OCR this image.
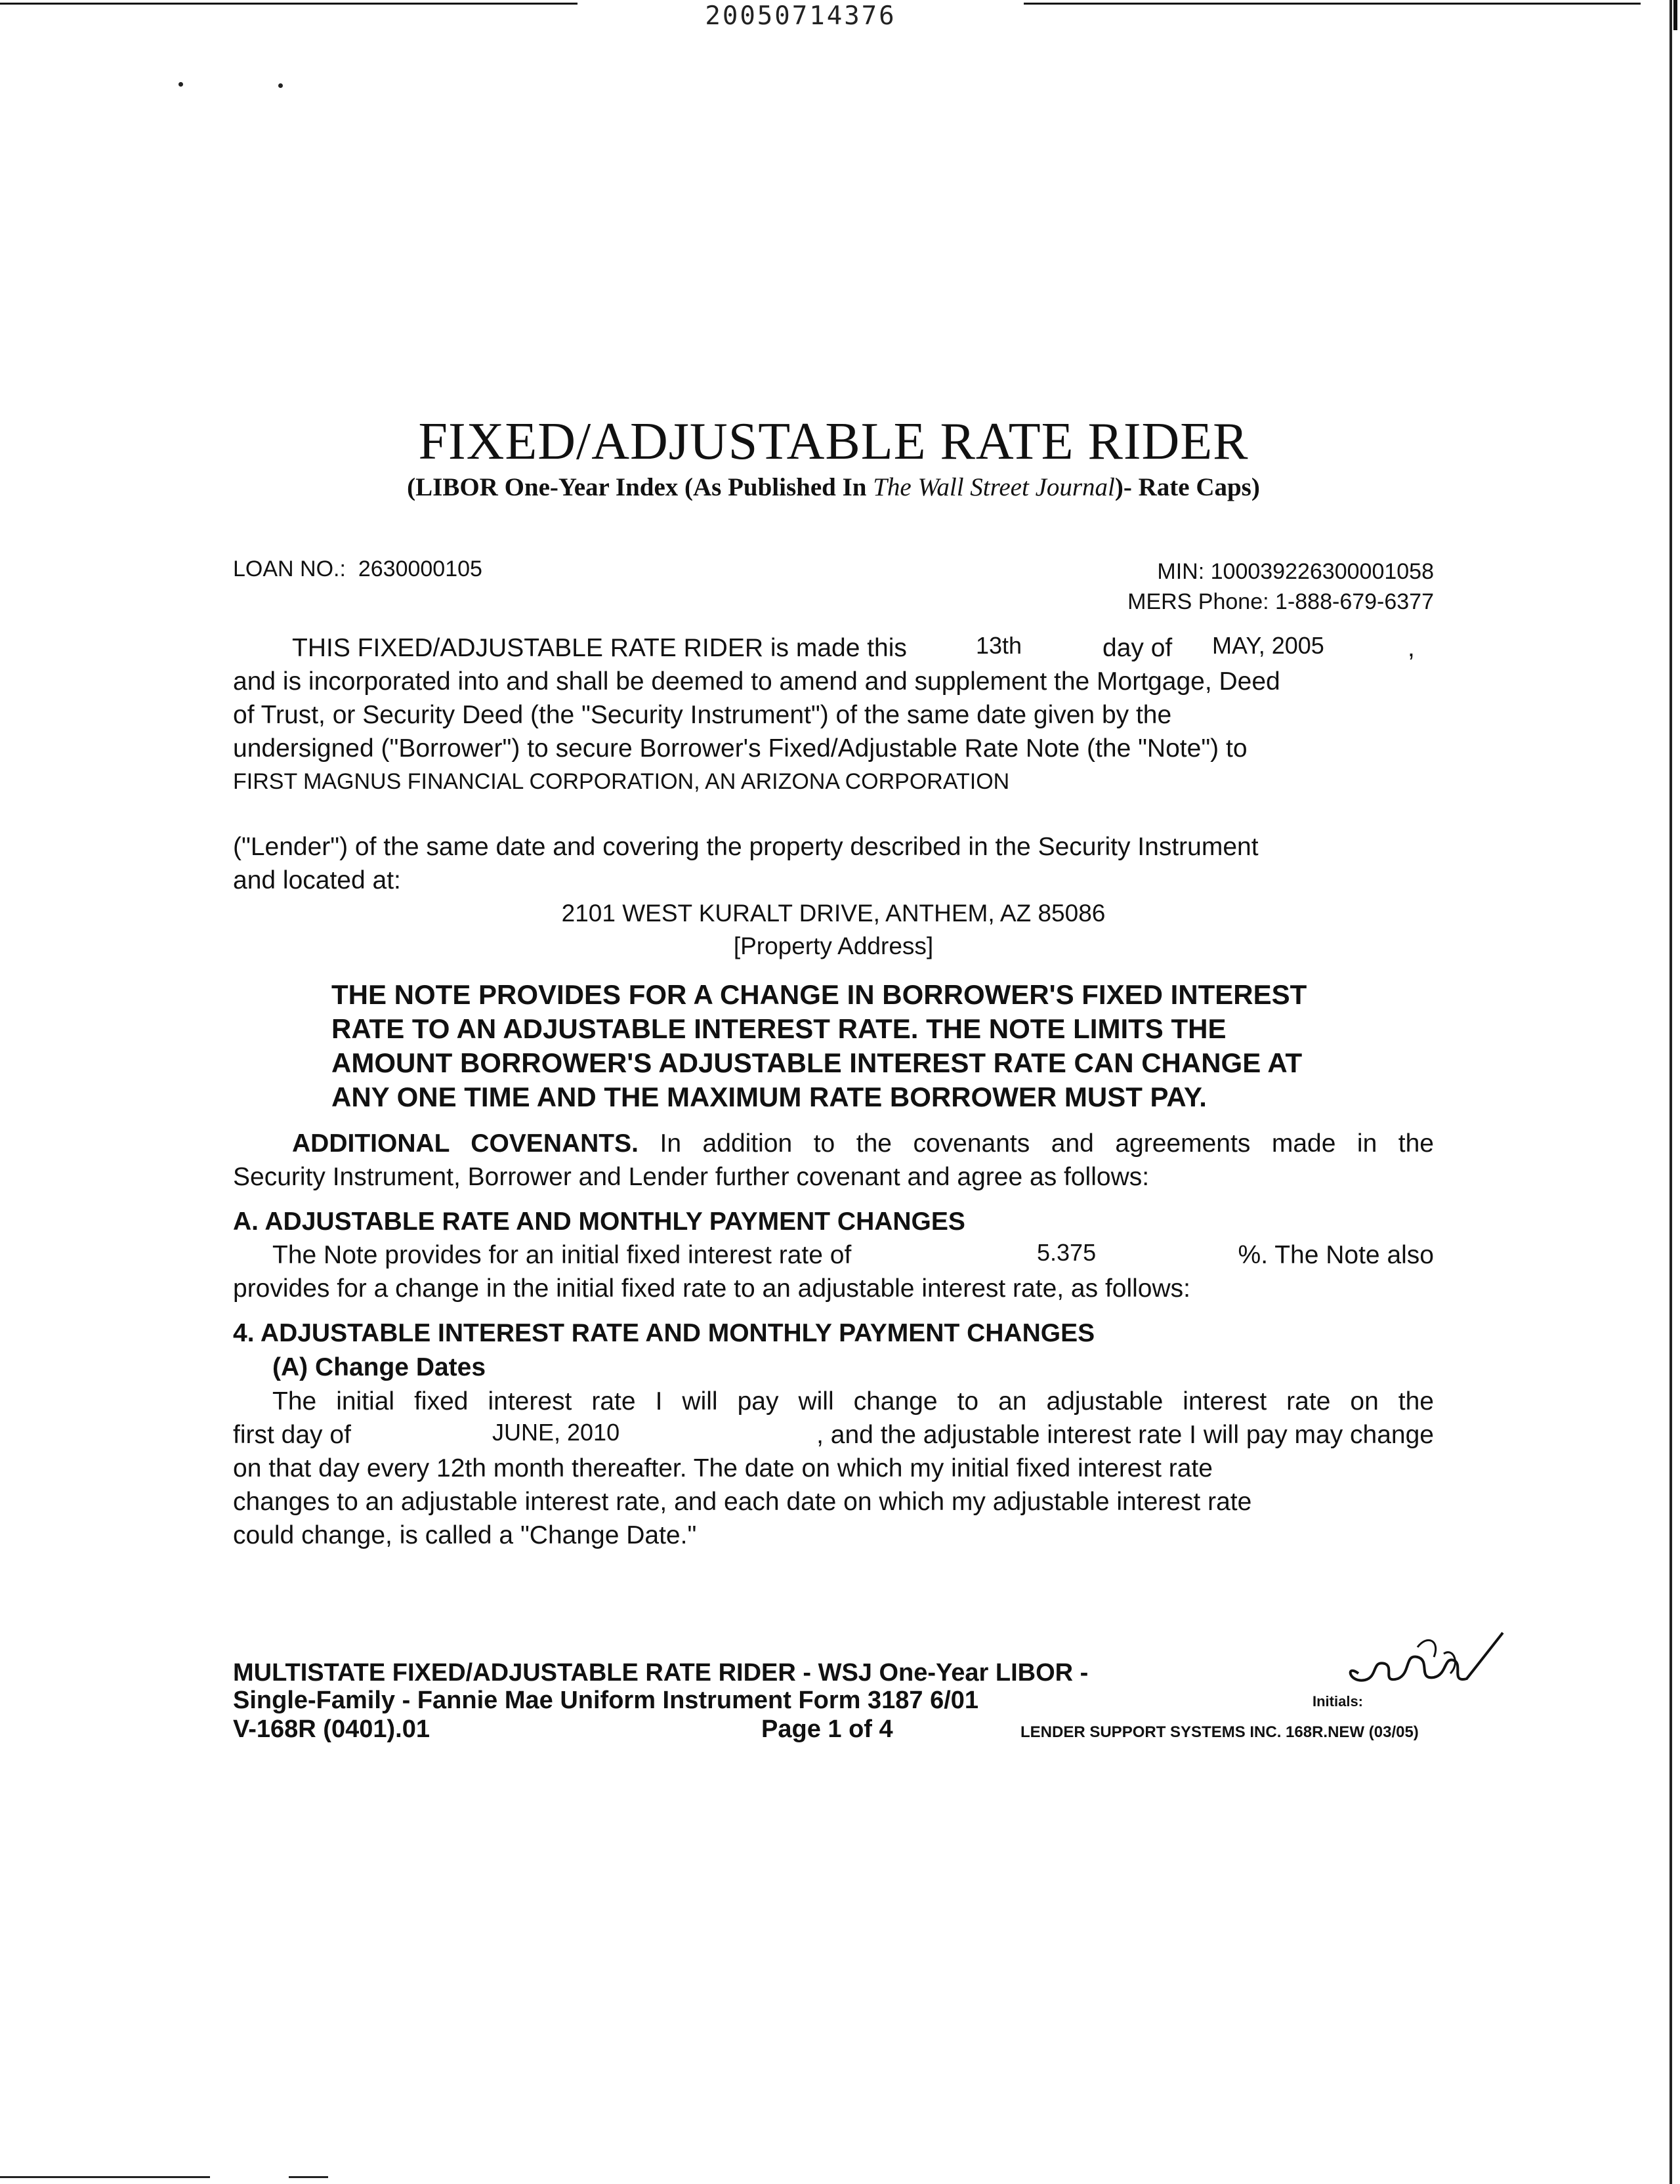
20050714376
FIXED/ADJUSTABLE RATE RIDER
(LIBOR One-Year Index (As Published In The Wall Street Journal)- Rate Caps)
LOAN NO.: 2630000105	MIN: 100039226300001058
MERS Phone: 1-888-679-6377
THIS FIXED/ADJUSTABLE RATE RIDER is made this	13th	day of MAY, 2005	,
and is incorporated into and shall be deemed to amend and supplement the Mortgage, Deed
of Trust, or Security Deed (the "Security Instrument") of the same date given by the
undersigned ("Borrower") to secure Borrower's Fixed/Adjustable Rate Note (the "Note") to
FIRST MAGNUS FINANCIAL CORPORATION, AN ARIZONA CORPORATION
("Lender") of the same date and covering the property described in the Security Instrument
and located at:
2101 WEST KURALT DRIVE, ANTHEM, AZ 85086
[Property Address]
THE NOTE PROVIDES FOR A CHANGE IN BORROWER'S FIXED INTEREST
RATE TO AN ADJUSTABLE INTEREST RATE. THE NOTE LIMITS THE
AMOUNT BORROWER'S ADJUSTABLE INTEREST RATE CAN CHANGE AT
ANY ONE TIME AND THE MAXIMUM RATE BORROWER MUST PAY.
ADDITIONAL COVENANTS. In addition to the covenants and agreements made in the
Security Instrument, Borrower and Lender further covenant and agree as follows:
A. ADJUSTABLE RATE AND MONTHLY PAYMENT CHANGES
The Note provides for an initial fixed interest rate of	5.375	%. The Note also
provides for a change in the initial fixed rate to an adjustable interest rate, as follows:
4. ADJUSTABLE INTEREST RATE AND MONTHLY PAYMENT CHANGES
(A) Change Dates
The initial fixed interest rate I will pay will change to an adjustable interest rate on the
first day of	JUNE, 2010	, and the adjustable interest rate I will pay may change
on that day every 12th month thereafter. The date on which my initial fixed interest rate
changes to an adjustable interest rate, and each date on which my adjustable interest rate
could change, is called a "Change Date."
MULTISTATE FIXED/ADJUSTABLE RATE RIDER - WSJ One-Year LIBOR -
Single-Family - Fannie Mae Uniform Instrument Form 3187 6/01
V-168R (0401).01	Page 1 of 4	LENDER SUPPORT SYSTEMS INC. 168R.NEW (03/05)
Initials:
